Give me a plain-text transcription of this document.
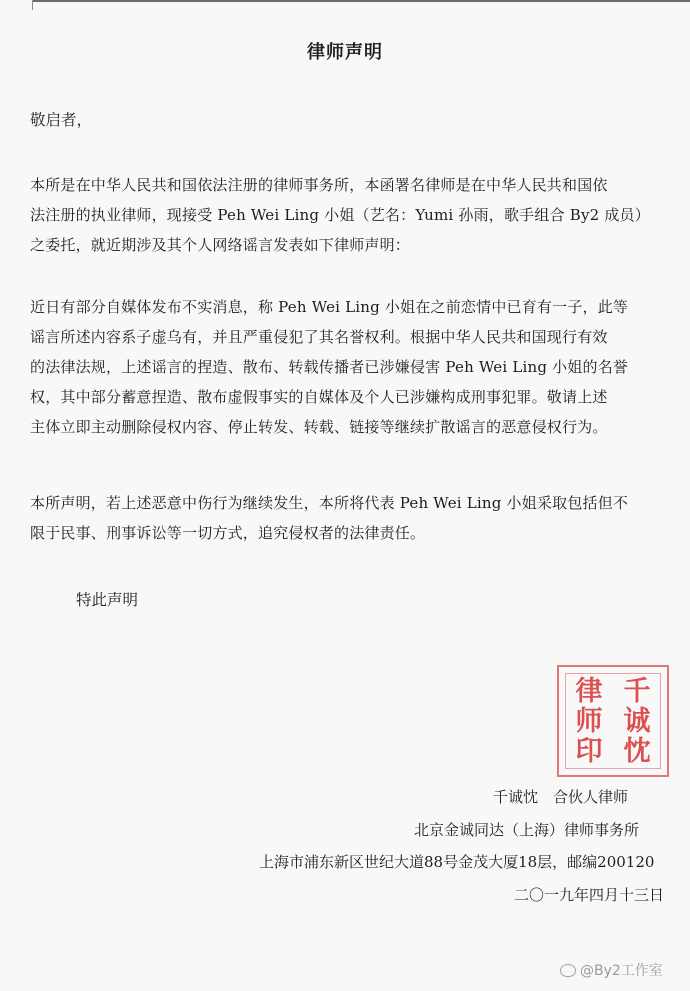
律师声明
敬启者，
本所是在中华人民共和国依法注册的律师事务所，本函署名律师是在中华人民共和国依
法注册的执业律师，现接受 Peh Wei Ling 小姐（艺名：Yumi 孙雨，歌手组合 By2 成员）
之委托，就近期涉及其个人网络谣言发表如下律师声明：
近日有部分自媒体发布不实消息，称 Peh Wei Ling 小姐在之前恋情中已育有一子，此等
谣言所述内容系子虚乌有，并且严重侵犯了其名誉权利。根据中华人民共和国现行有效
的法律法规，上述谣言的捏造、散布、转载传播者已涉嫌侵害 Peh Wei Ling 小姐的名誉
权，其中部分蓄意捏造、散布虚假事实的自媒体及个人已涉嫌构成刑事犯罪。敬请上述
主体立即主动删除侵权内容、停止转发、转载、链接等继续扩散谣言的恶意侵权行为。
本所声明，若上述恶意中伤行为继续发生，本所将代表 Peh Wei Ling 小姐采取包括但不
限于民事、刑事诉讼等一切方式，追究侵权者的法律责任。
特此声明
律
师
印
千
诚
忱
千诚忱　合伙人律师
北京金诚同达（上海）律师事务所
上海市浦东新区世纪大道88号金茂大厦18层，邮编200120
二〇一九年四月十三日
@By2工作室
